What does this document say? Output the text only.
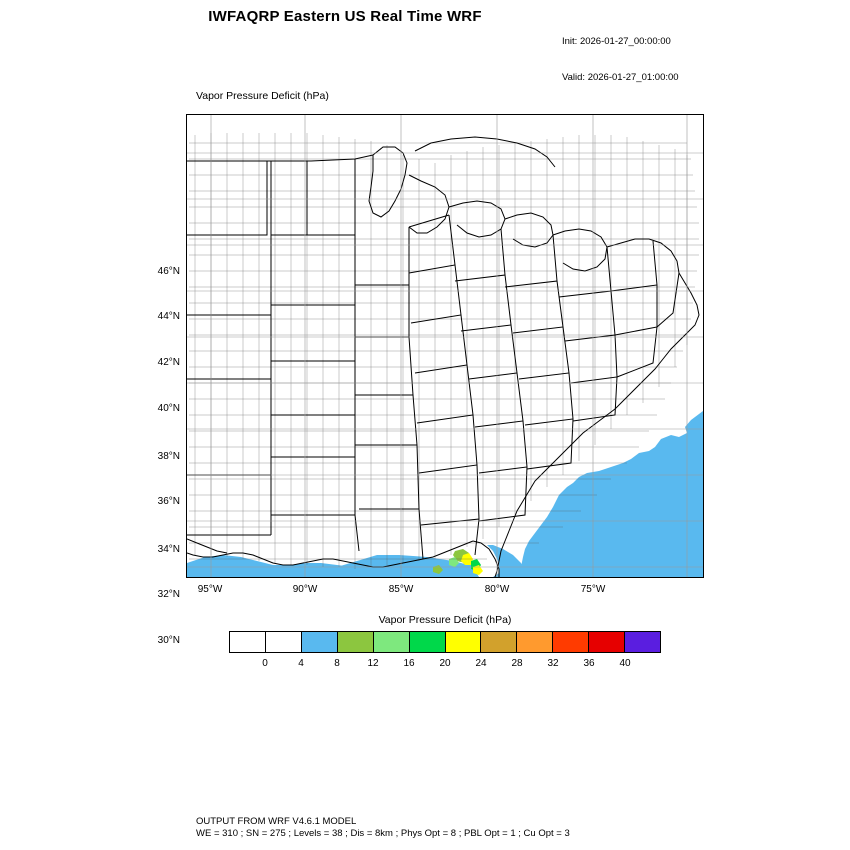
IWFAQRP Eastern US Real Time WRF

Init: 2026-01-27_00:00:00

Valid: 2026-01-27_01:00:00

Vapor Pressure Deficit (hPa)
46°N
44°N
42°N
40°N
38°N
36°N
34°N
32°N
30°N
95°W	90°W	85°W	80°W	75°W
Vapor Pressure Deficit (hPa)
0	4	8	12 16 20 24 28 32 36 40
OUTPUT FROM WRF V4.6.1 MODEL
WE = 310 ; SN = 275 ; Levels = 38 ; Dis = 8km ; Phys Opt = 8 ; PBL Opt = 1 ; Cu Opt = 3
